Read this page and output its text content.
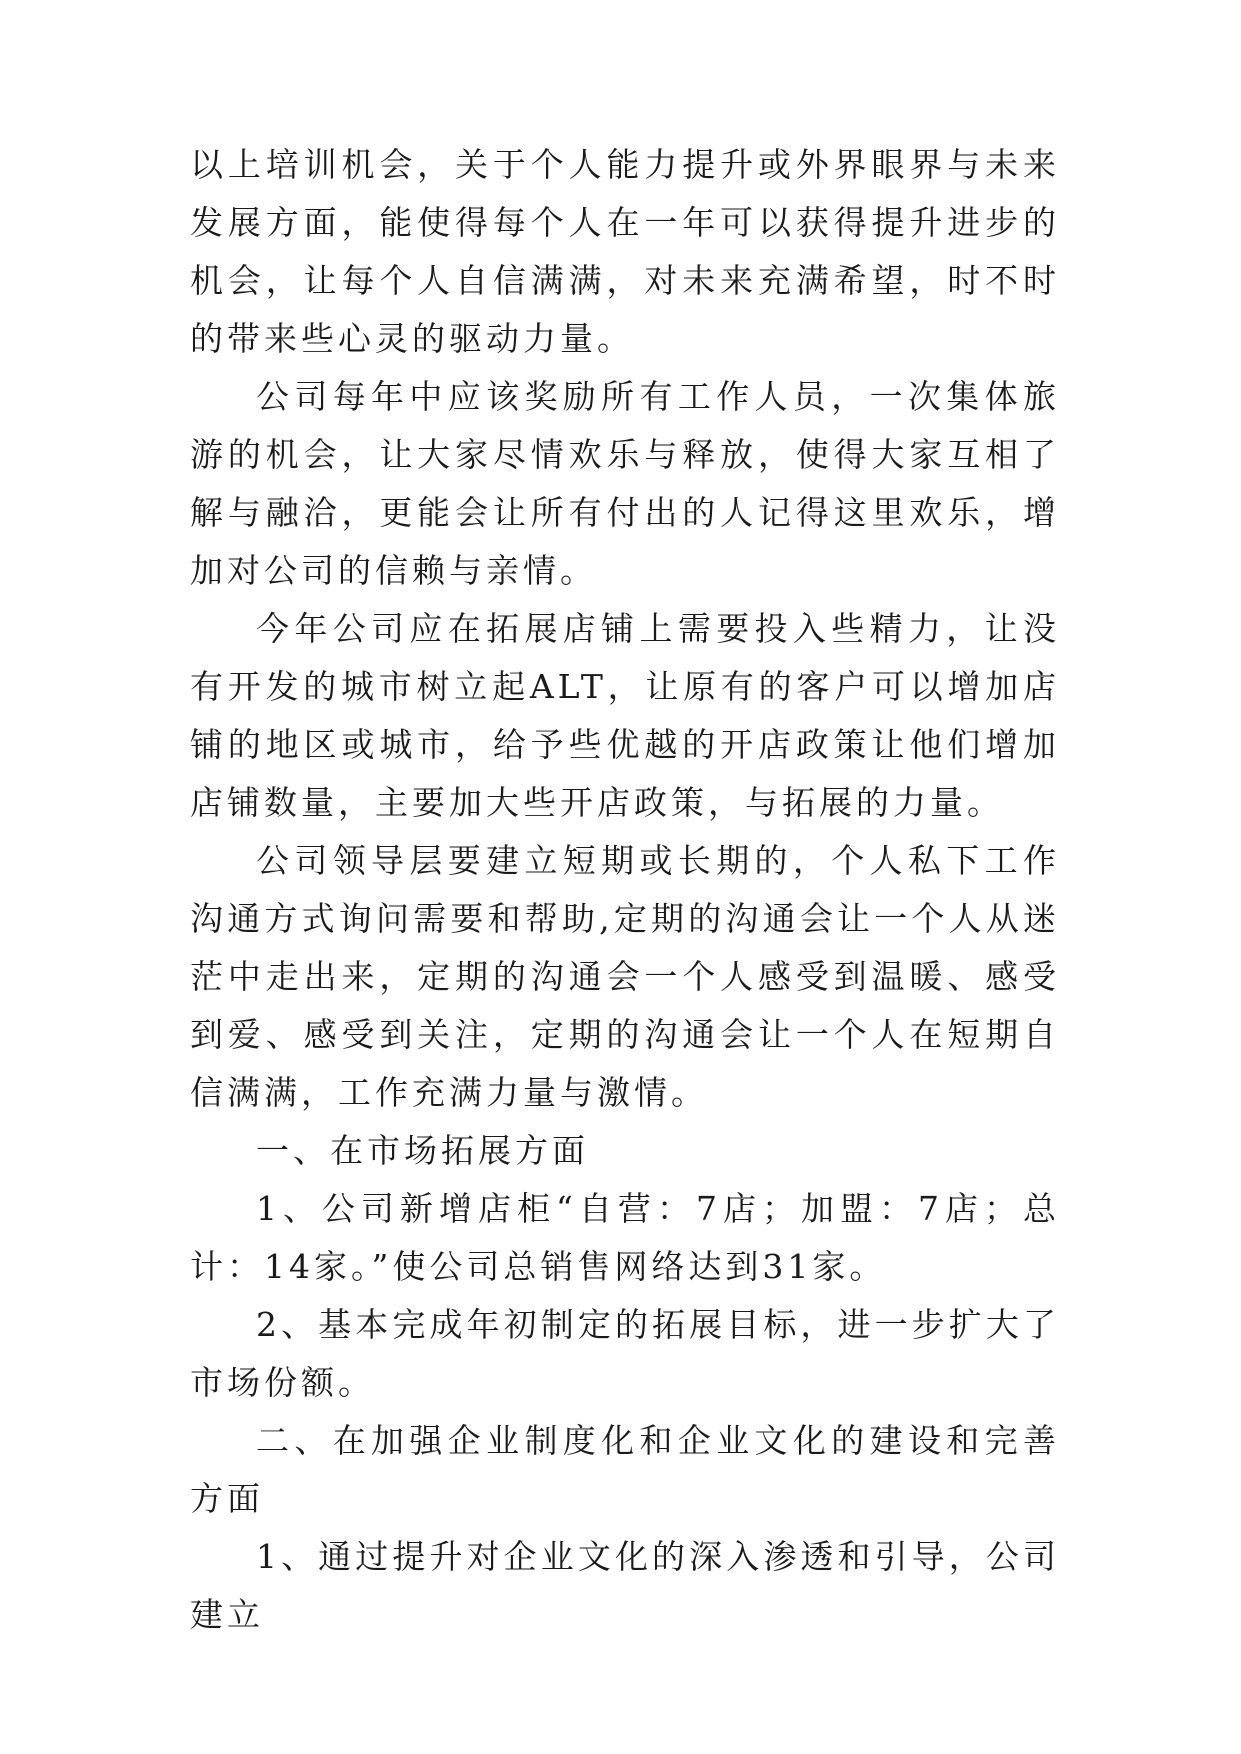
以上培训机会，关于个人能力提升或外界眼界与未来发展方面，能使得每个人在一年可以获得提升进步的机会，让每个人自信满满，对未来充满希望，时不时的带来些心灵的驱动力量。

公司每年中应该奖励所有工作人员，一次集体旅游的机会，让大家尽情欢乐与释放，使得大家互相了解与融洽，更能会让所有付出的人记得这里欢乐，增加对公司的信赖与亲情。

今年公司应在拓展店铺上需要投入些精力，让没有开发的城市树立起ALT，让原有的客户可以增加店铺的地区或城市，给予些优越的开店政策让他们增加店铺数量，主要加大些开店政策，与拓展的力量。

公司领导层要建立短期或长期的，个人私下工作沟通方式询问需要和帮助,定期的沟通会让一个人从迷茫中走出来，定期的沟通会一个人感受到温暖、感受到爱、感受到关注，定期的沟通会让一个人在短期自信满满，工作充满力量与激情。

一、在市场拓展方面

1、公司新增店柜“自营：7店；加盟：7店；总计：14家。”使公司总销售网络达到31家。

2、基本完成年初制定的拓展目标，进一步扩大了市场份额。

二、在加强企业制度化和企业文化的建设和完善方面

1、通过提升对企业文化的深入渗透和引导，公司建立
